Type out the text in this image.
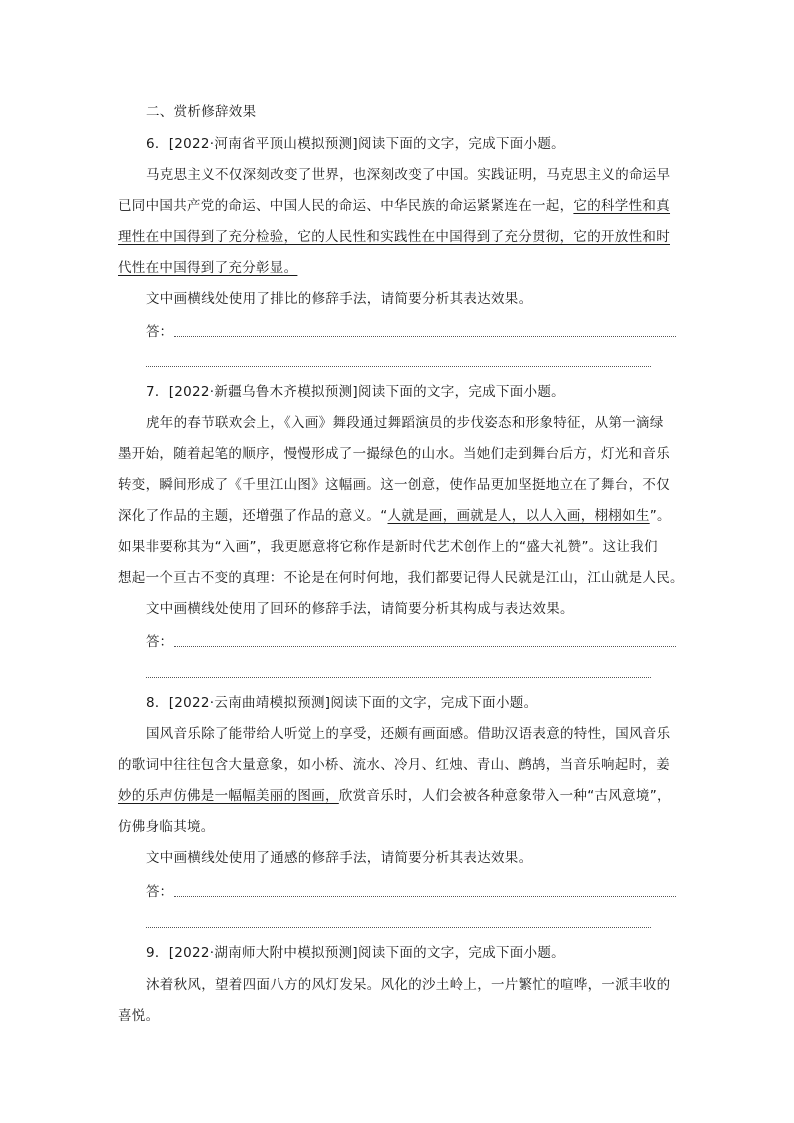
二、赏析修辞效果
6．[2022·河南省平顶山模拟预测]阅读下面的文字，完成下面小题。
马克思主义不仅深刻改变了世界，也深刻改变了中国。实践证明，马克思主义的命运早
已同中国共产党的命运、中国人民的命运、中华民族的命运紧紧连在一起，它的科学性和真
理性在中国得到了充分检验，它的人民性和实践性在中国得到了充分贯彻，它的开放性和时
代性在中国得到了充分彰显。
文中画横线处使用了排比的修辞手法，请简要分析其表达效果。
答：
7．[2022·新疆乌鲁木齐模拟预测]阅读下面的文字，完成下面小题。
虎年的春节联欢会上，《入画》舞段通过舞蹈演员的步伐姿态和形象特征，从第一滴绿
墨开始，随着起笔的顺序，慢慢形成了一撮绿色的山水。当她们走到舞台后方，灯光和音乐
转变，瞬间形成了《千里江山图》这幅画。这一创意，使作品更加坚挺地立在了舞台，不仅
深化了作品的主题，还增强了作品的意义。“人就是画，画就是人，以人入画，栩栩如生”。
如果非要称其为“入画”，我更愿意将它称作是新时代艺术创作上的“盛大礼赞”。这让我们
想起一个亘古不变的真理：不论是在何时何地，我们都要记得人民就是江山，江山就是人民。
文中画横线处使用了回环的修辞手法，请简要分析其构成与表达效果。
答：
8．[2022·云南曲靖模拟预测]阅读下面的文字，完成下面小题。
国风音乐除了能带给人听觉上的享受，还颇有画面感。借助汉语表意的特性，国风音乐
的歌词中往往包含大量意象，如小桥、流水、冷月、红烛、青山、鹧鸪，当音乐响起时，姜
妙的乐声仿佛是一幅幅美丽的图画，欣赏音乐时，人们会被各种意象带入一种“古风意境”，
仿佛身临其境。
文中画横线处使用了通感的修辞手法，请简要分析其表达效果。
答：
9．[2022·湖南师大附中模拟预测]阅读下面的文字，完成下面小题。
沐着秋风，望着四面八方的风灯发呆。风化的沙土岭上，一片繁忙的喧哗，一派丰收的
喜悦。
